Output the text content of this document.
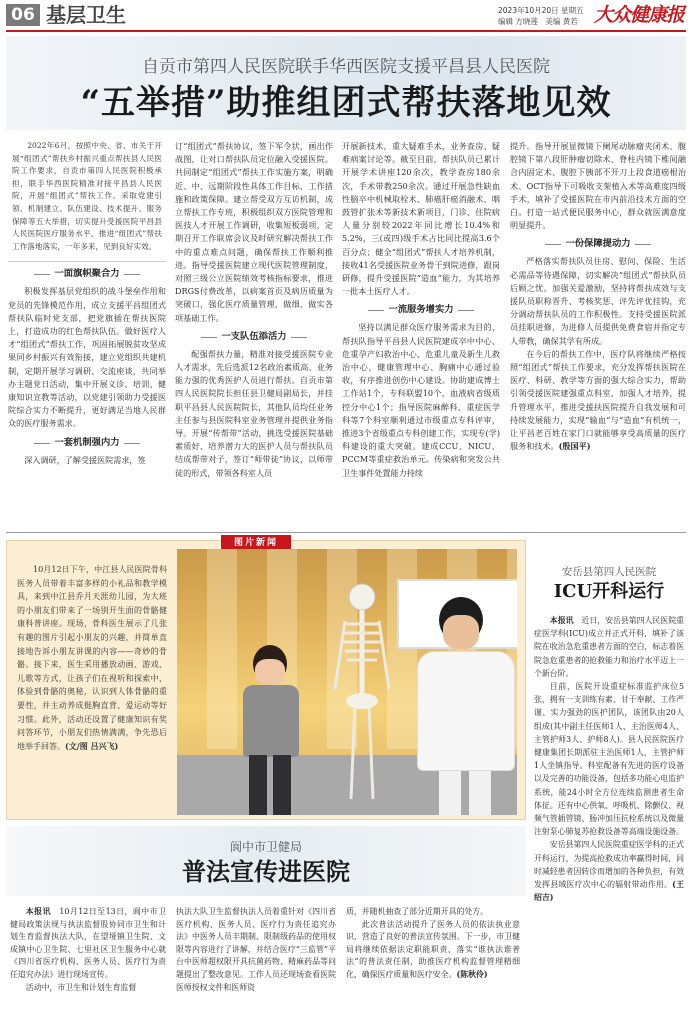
06 基层卫生	2023年10月20日 星期五
编辑 方晓莲　美编 黄若 大众健康报
自贡市第四人民医院联手华西医院支援平昌县人民医院
“五举措”助推组团式帮扶落地见效

2022年6月，按照中央、省、市关于开展“组团式”帮扶乡村振兴重点帮扶县人民医院工作要求，自贡市第四人民医院积极承担，联手华西医院精准对接平昌县人民医院，开展“组团式”帮扶工作。采取党建引领、机制建立、队伍建设、技术提升、服务保障等五大举措，切实提升受援医院平昌县人民医院医疗服务水平，推进“组团式”帮扶工作落地落实，一年多来，见到良好实效。

一面旗帜聚合力

积极发挥基层党组织的战斗堡垒作用和党员的先锋模范作用，成立支援平昌组团式帮扶队临时党支部，把党旗插在帮扶医院上，打造成功的红色帮扶队伍。做好医疗人才“组团式”帮扶工作，巩固拓展脱贫攻坚成果同乡村振兴有效衔接，建立党组织共建机制，定期开展学习调研、交流座谈，共同举办主题党日活动，集中开展义诊、培训、健康知识宣教等活动，以党建引领助力受援医院综合实力不断提升，更好满足当地人民群众的医疗服务需求。

一套机制强内力

深入调研，了解受援医院需求，签

订“组团式”帮扶协议，签下军令状，画出作战图，让对口帮扶队员定位融入受援医院。共同制定“组团式”帮扶工作实施方案，明确近、中、远期阶段性具体工作目标、工作措施和政策保障。建立帮受双方互访机制，成立帮扶工作专班，积极组织双方医院管理和医技人才开展工作调研，收集短板弱项，定期召开工作联席会议及时研究解决帮扶工作中的重点难点问题，确保帮扶工作顺利推进。指导受援医院建立现代医院管理制度，对照三级公立医院绩效考核指标要求，推进DRGS付费改革，以病案首页及病历质量为突破口，强化医疗质量管理，做细、做实各项基础工作。

一支队伍添活力

配强帮扶力量，精准对接受援医院专业人才需求，先后选派12名政治素质高、业务能力强的优秀医护人员进行帮扶。自贡市第四人民医院院长担任县卫健局副局长，并挂职平昌县人民医院院长，其他队员均任业务主任参与县医院科室业务管理并提供业务指导。开展“传帮带”活动，挑选受援医院基础素质好、培养潜力大的医护人员与帮扶队员结成帮带对子，签订“师带徒”协议，以师带徒的形式，带领各科室人员

开展新技术，重大疑难手术，业务查房、疑难病案讨论等。截至目前，帮扶队员已累计开展学术讲座120余次，教学查房180余次，手术带教250余次。通过开展急性缺血性脑卒中机械取栓术、肺癌肝癌消融术、咽鼓管扩张术等新技术新项目，门诊、住院病人量分别较2022年同比增长10.4%和5.2%，三(或四)级手术占比同比提高3.6个百分点；健全“组团式”帮扶人才培养机制，接收41名受援医院业务骨干到院进修，跟岗研修，提升受援医院“造血”能力，为其培养一批本土医疗人才。

一流服务增实力

坚持以满足群众医疗服务需求为目的，帮扶队指导平昌县人民医院建成卒中中心、危重孕产妇救治中心、危重儿童及新生儿救治中心，健康管理中心、胸痛中心通过验收，有序推进创伤中心建设。协助建成博士工作站1个，专科联盟10个，血液病省级质控分中心1个；指导医院麻醉科、重症医学科等7个科室顺利通过市级重点专科评审，推进3个省级重点专科创建工作，实现专(学)科建设的重大突破。建成CCU、NICU、PCCM等重症救治单元。传染病和突发公共卫生事件处置能力持续

提升。指导开展显微镜下阑尾动脉瘤夹闭术、腹腔镜下第八段肝肿瘤切除术、脊柱内镜下椎间融合内固定术、腹腔下胰部不开刀上段食道癌根治术、OCT指导下可吸收支架植入术等高难度四级手术，填补了受援医院在市内前沿技术方面的空白。打造一站式便民服务中心，群众就医满意度明显提升。

一份保障提动力

严格落实帮扶队员住房、慰问、保险、生活必需品等待遇保障，切实解决“组团式”帮扶队员后顾之忧。加强关爱激励，坚持将帮扶成效与支援队员职称晋升、考核奖惩、评先评优挂钩，充分调动帮扶队员的工作积极性。支持受援医院派员挂职进修，为进修人员提供免费食宿并指定专人带教，确保其学有所成。

在今后的帮扶工作中，医疗队将继续严格按照“组团式”帮扶工作要求，充分发挥帮扶医院在医疗、科研、教学等方面的强大综合实力，帮助引领受援医院建强重点科室、加强人才培养，提升管理水平，推进受援扶医院提升自我发展和可持续发展能力，实现“输血”与“造血”有机统一，让平昌老百姓在家门口就能够享受高质量的医疗服务和技术。(殷国平)

图片新闻
10月12日下午，中江县人民医院骨科医务人员带着丰富多样的小礼品和教学模具，来到中江县乔月天涯幼儿园，为大班的小朋友们带来了一场别开生面的骨骼健康科普讲座。现场，骨科医生展示了几张有趣的图片引起小朋友的兴趣，并简单直接地告诉小朋友讲课的内容——奇妙的骨骼。接下来，医生采用播放动画、游戏、儿歌等方式，让孩子们在视听和探索中，体验到骨骼的奥秘，认识到人体骨骼的重要性，并主动养成挺胸直背、爱运动等好习惯。此外，活动还设置了健康知识有奖问答环节，小朋友们热情满满，争先恐后地举手回答。(文/图 吕兴飞)
安岳县第四人民医院
ICU开科运行

本报讯　 近日，安岳县第四人民医院重症医学科(ICU)成立并正式开科，填补了该院在收治急危重患者方面的空白，标志着医院急危重患者的抢救能力和治疗水平迈上一个新台阶。

目前，医院开设重症标准监护床位5张，拥有一支训练有素、甘于奉献、工作严谨、实力强劲的医护团队，该团队由20人组成(其中副主任医师1人、主治医师4人、主管护师3人、护师8人)。县人民医院医疗健康集团长期派驻主治医师1人，主管护师1人坐镇指导。科室配备有先进的医疗设备以及完善的功能设备，包括多功能心电监护系统，能24小时全方位连续监测患者生命体征。还有中心供氧、呼吸机、除颤仪、视频气管插管镜、肠冲加压抗栓系统以及微量注射泵心肺复苏抢救设备等高端设施设备。

安岳县第四人民医院重症医学科的正式开科运行，为提高抢救成功率赢得时间，同时减轻患者因转诊而增加的各种负担，有效发挥县域医疗次中心的辐射带动作用。(王绍吉)

阆中市卫健局
普法宣传进医院

本报讯　 10月12日至13日，阆中市卫健局政策法规与执法监督股协同市卫生和计划生育监督执法大队，在望垭镇卫生院、文成镇中心卫生院、七里社区卫生服务中心就《四川省医疗机构、医务人员、医疗行为责任追究办法》进行现场宣传。

活动中，市卫生和计划生育监督

执法大队卫生监督执法人员着重针对《四川省医疗机构、医务人员、医疗行为责任追究办法》中医务人员丰期制、限制级药品的使用权限等内容进行了讲解，并结合医疗“三监管”平台中医师超权限开具抗菌药物、精麻药品等问题提出了整改意见。工作人员还现场查看医院医师授权文件和医师资

质，并随机抽查了部分近期开具的处方。

此次普法活动提升了医务人员的依法执业意识，营造了良好的普法宣传氛围。下一步，市卫健局将继续依据法定职能职责，落实“谁执法谁普法”的普法责任制，助推医疗机构监督管理精细化，确保医疗质量和医疗安全。(陈秋伶)
